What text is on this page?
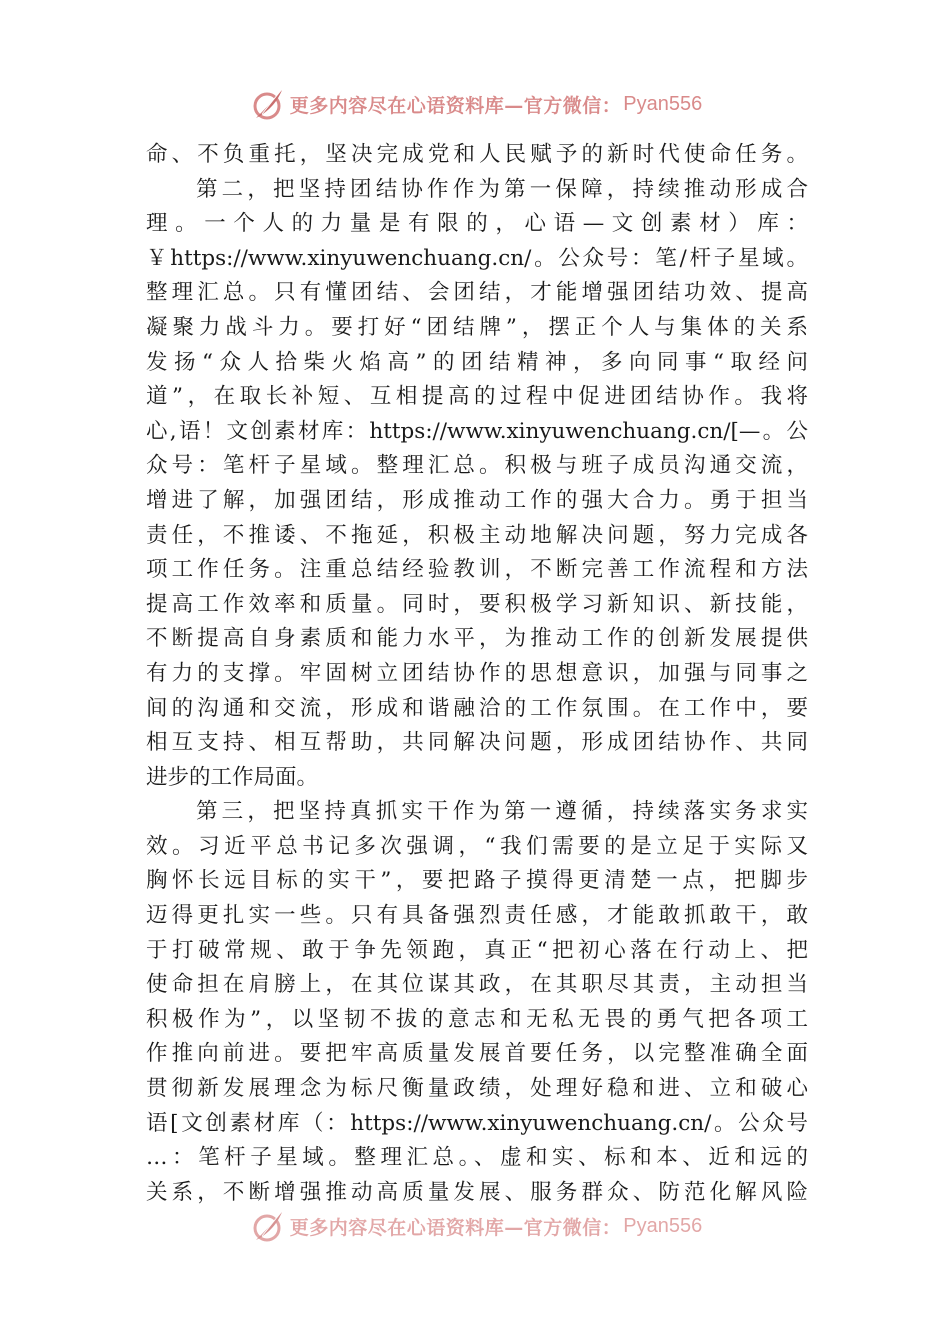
更多内容尽在心语资料库—官方微信： Pyan556
命、不负重托，坚决完成党和人民赋予的新时代使命任务。
第二，把坚持团结协作作为第一保障，持续推动形成合
理。一个人的力量是有限的，心语—文创素材）库：
￥https://www.xinyuwenchuang.cn/。公众号：笔/杆子星域。
整理汇总。只有懂团结、会团结，才能增强团结功效、提高
凝聚力战斗力。要打好“团结牌”，摆正个人与集体的关系
发扬“众人拾柴火焰高”的团结精神，多向同事“取经问
道”，在取长补短、互相提高的过程中促进团结协作。我将
心,语！文创素材库：https://www.xinyuwenchuang.cn/[—。公
众号：笔杆子星域。整理汇总。积极与班子成员沟通交流，
增进了解，加强团结，形成推动工作的强大合力。勇于担当
责任，不推诿、不拖延，积极主动地解决问题，努力完成各
项工作任务。注重总结经验教训，不断完善工作流程和方法
提高工作效率和质量。同时，要积极学习新知识、新技能，
不断提高自身素质和能力水平，为推动工作的创新发展提供
有力的支撑。牢固树立团结协作的思想意识，加强与同事之
间的沟通和交流，形成和谐融洽的工作氛围。在工作中，要
相互支持、相互帮助，共同解决问题，形成团结协作、共同
进步的工作局面。
第三，把坚持真抓实干作为第一遵循，持续落实务求实
效。习近平总书记多次强调，“我们需要的是立足于实际又
胸怀长远目标的实干”，要把路子摸得更清楚一点，把脚步
迈得更扎实一些。只有具备强烈责任感，才能敢抓敢干，敢
于打破常规、敢于争先领跑，真正“把初心落在行动上、把
使命担在肩膀上，在其位谋其政，在其职尽其责，主动担当
积极作为”，以坚韧不拔的意志和无私无畏的勇气把各项工
作推向前进。要把牢高质量发展首要任务，以完整准确全面
贯彻新发展理念为标尺衡量政绩，处理好稳和进、立和破心
语[文创素材库（：https://www.xinyuwenchuang.cn/。公众号
…：笔杆子星域。整理汇总。、虚和实、标和本、近和远的
关系，不断增强推动高质量发展、服务群众、防范化解风险
更多内容尽在心语资料库—官方微信： Pyan556
